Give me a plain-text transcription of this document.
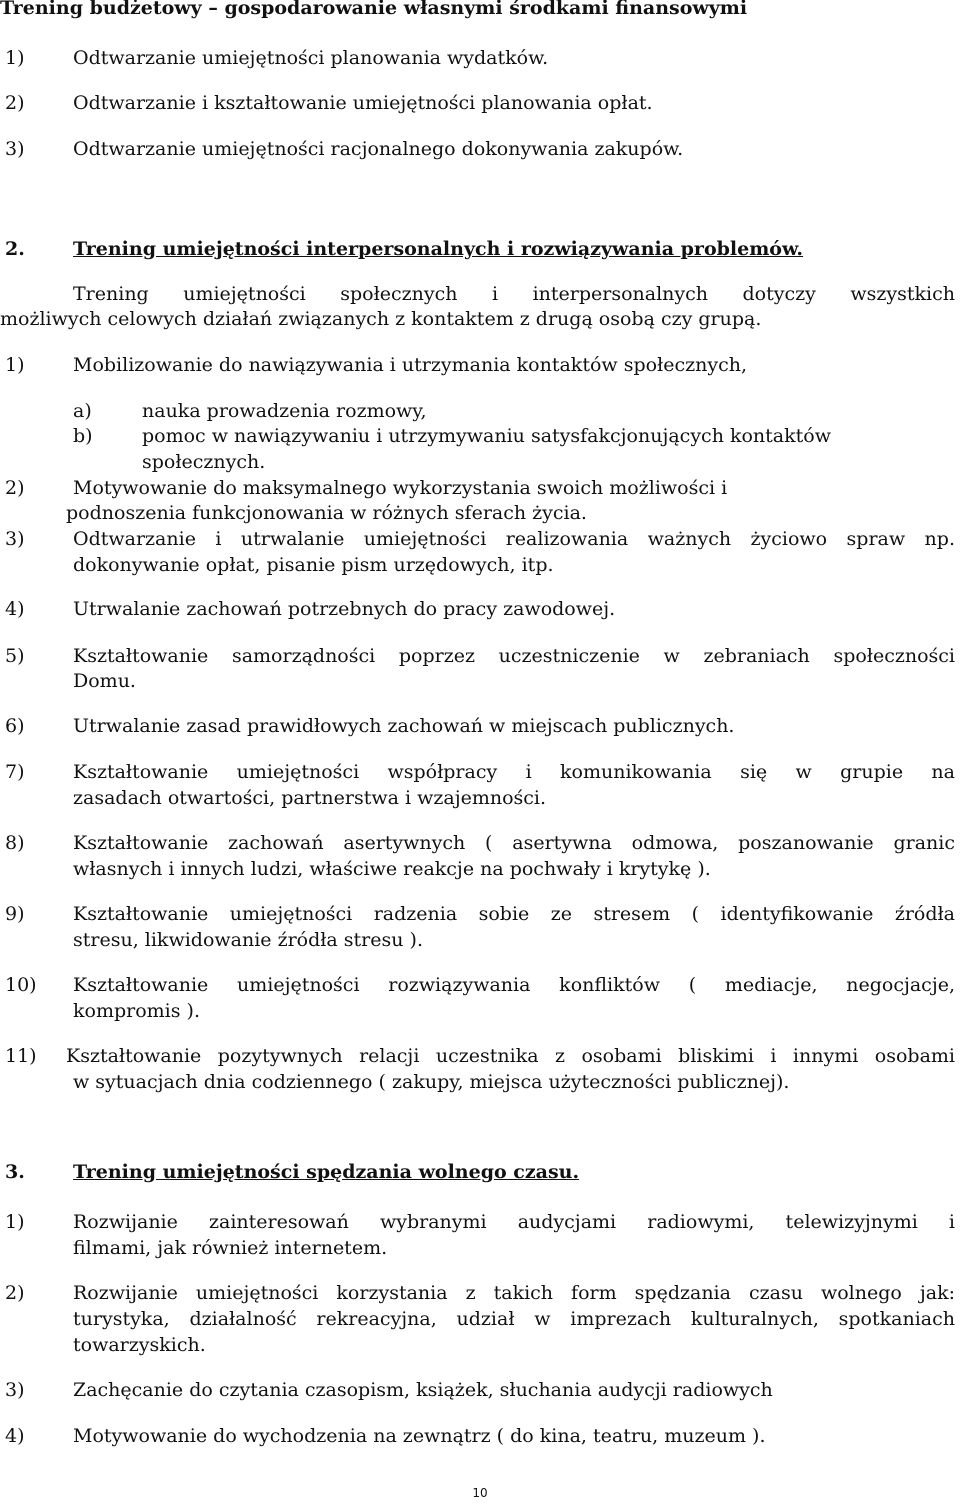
Trening budżetowy – gospodarowanie własnymi środkami finansowymi
1)	Odtwarzanie umiejętności planowania wydatków.
2)	Odtwarzanie i kształtowanie umiejętności planowania opłat.
3)	Odtwarzanie umiejętności racjonalnego dokonywania zakupów.
2.	Trening umiejętności interpersonalnych i rozwiązywania problemów.
Trening umiejętności społecznych i interpersonalnych dotyczy wszystkich
możliwych celowych działań związanych z kontaktem z drugą osobą czy grupą.
1)	Mobilizowanie do nawiązywania i utrzymania kontaktów społecznych,
a)	nauka prowadzenia rozmowy,
b)	pomoc w nawiązywaniu i utrzymywaniu satysfakcjonujących kontaktów
społecznych.
2)	Motywowanie do maksymalnego wykorzystania swoich możliwości i
podnoszenia funkcjonowania w różnych sferach życia.
3)	Odtwarzanie i utrwalanie umiejętności realizowania ważnych życiowo spraw np.
dokonywanie opłat, pisanie pism urzędowych, itp.
4)	Utrwalanie zachowań potrzebnych do pracy zawodowej.
5)	Kształtowanie samorządności poprzez uczestniczenie w zebraniach społeczności
Domu.
6)	Utrwalanie zasad prawidłowych zachowań w miejscach publicznych.
7)	Kształtowanie umiejętności współpracy i komunikowania się w grupie na
zasadach otwartości, partnerstwa i wzajemności.
8)	Kształtowanie zachowań asertywnych ( asertywna odmowa, poszanowanie granic
własnych i innych ludzi, właściwe reakcje na pochwały i krytykę ).
9)	Kształtowanie umiejętności radzenia sobie ze stresem ( identyfikowanie źródła
stresu, likwidowanie źródła stresu ).
10) Kształtowanie umiejętności rozwiązywania konfliktów ( mediacje, negocjacje,
kompromis ).
11) Kształtowanie pozytywnych relacji uczestnika z osobami bliskimi i innymi osobami
w sytuacjach dnia codziennego ( zakupy, miejsca użyteczności publicznej).
3.	Trening umiejętności spędzania wolnego czasu.
1)	Rozwijanie zainteresowań wybranymi audycjami radiowymi, telewizyjnymi i
filmami, jak również internetem.
2)	Rozwijanie umiejętności korzystania z takich form spędzania czasu wolnego jak:
turystyka, działalność rekreacyjna, udział w imprezach kulturalnych, spotkaniach
towarzyskich.
3)	Zachęcanie do czytania czasopism, książek, słuchania audycji radiowych
4)	Motywowanie do wychodzenia na zewnątrz ( do kina, teatru, muzeum ).
10
